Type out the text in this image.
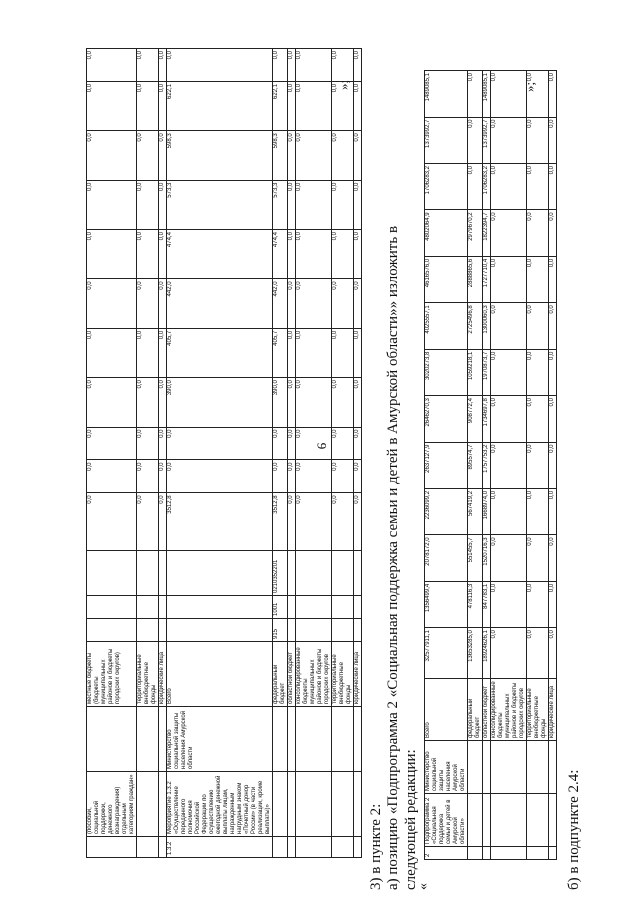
9
	(пособий, социальной поддержки, денежного вознаграждения) отдельным категориям граждан»		местные бюджеты (бюджеты муниципальных районов и бюджеты городских округов)				0,0	0,0	0,0	0,0	0,0	0,0	0,0	0,0	0,0	0,0	0,0
			территориальные внебюджетные фонды				0,0	0,0	0,0	0,0	0,0	0,0	0,0	0,0	0,0	0,0	0,0
			юридические лица				0,0	0,0	0,0	0,0	0,0	0,0	0,0	0,0	0,0	0,0	0,0
1.3.2	Мероприятие 1.3.2 «Осуществление переданного полномочия Российской Федерации по осуществлению ежегодной денежной выплаты лицам, награжденным нагрудным знаком «Почетный донор России» (в части реализации, кроме выплаты)»	Министерство социальной защиты населения Амурской области	Всего				3512,8	0,0	0,0	390,0	405,7	442,0	474,4	573,3	598,3	622,1	0,0
			федеральный бюджет	915	1001	0210352201	3512,8	0,0	0,0	390,0	405,7	442,0	474,4	573,3	598,3	622,1	0,0
			областной бюджет				0,0	0,0	0,0	0,0	0,0	0,0	0,0	0,0	0,0	0,0	0,0
			консолидированные бюджеты муниципальных районов и бюджеты городских округов				0,0	0,0	0,0	0,0	0,0	0,0	0,0	0,0	0,0	0,0	0,0
			территориальные внебюджетные фонды				0,0	0,0	0,0	0,0	0,0	0,0	0,0	0,0	0,0	0,0	0,0
			юридические лица				0,0	0,0	0,0	0,0	0,0	0,0	0,0	0,0	0,0	0,0	0,0
»;
3) в пункте 2: а) позицию «Подпрограмма 2 «Социальная поддержка семьи и детей в Амурской области»» изложить в следующей редакции:
«
2	Подпрограмма 2 «Социальная поддержка семьи и детей в Амурской области»	Министерство социальной защиты населения Амурской области	Всего	32577911,1	1356499,4	2078172,0	2236099,2	2637127,9	2646270,3	3020273,8	4025557,1	4616576,0	4802064,9	1706283,2	1373992,7	1489085,1
			федеральный бюджет	13653285,0	478116,3	551455,7	567419,2	895574,7	908772,4	1059218,1	2725496,8	2888865,6	2979670,2	0,0	0,0	0,0
			областной бюджет	18924626,1	847783,1	1520716,3	1668974,0	1757753,2	1734697,8	1970873,7	1300060,3	1727710,4	1822394,7	1706283,2	1373992,7	1489085,1
			консолидированные бюджеты муниципальных районов и бюджеты городских округов	0,0	0,0	0,0	0,0	0,0	0,0	0,0	0,0	0,0	0,0	0,0	0,0	0,0
			территориальные внебюджетные фонды	0,0	0,0	0,0	0,0	0,0	0,0	0,0	0,0	0,0	0,0	0,0	0,0	0,0
			юридические лица	0,0	0,0	0,0	0,0	0,0	0,0	0,0	0,0	0,0	0,0	0,0	0,0	0,0
»;
б) в подпункте 2.4:
